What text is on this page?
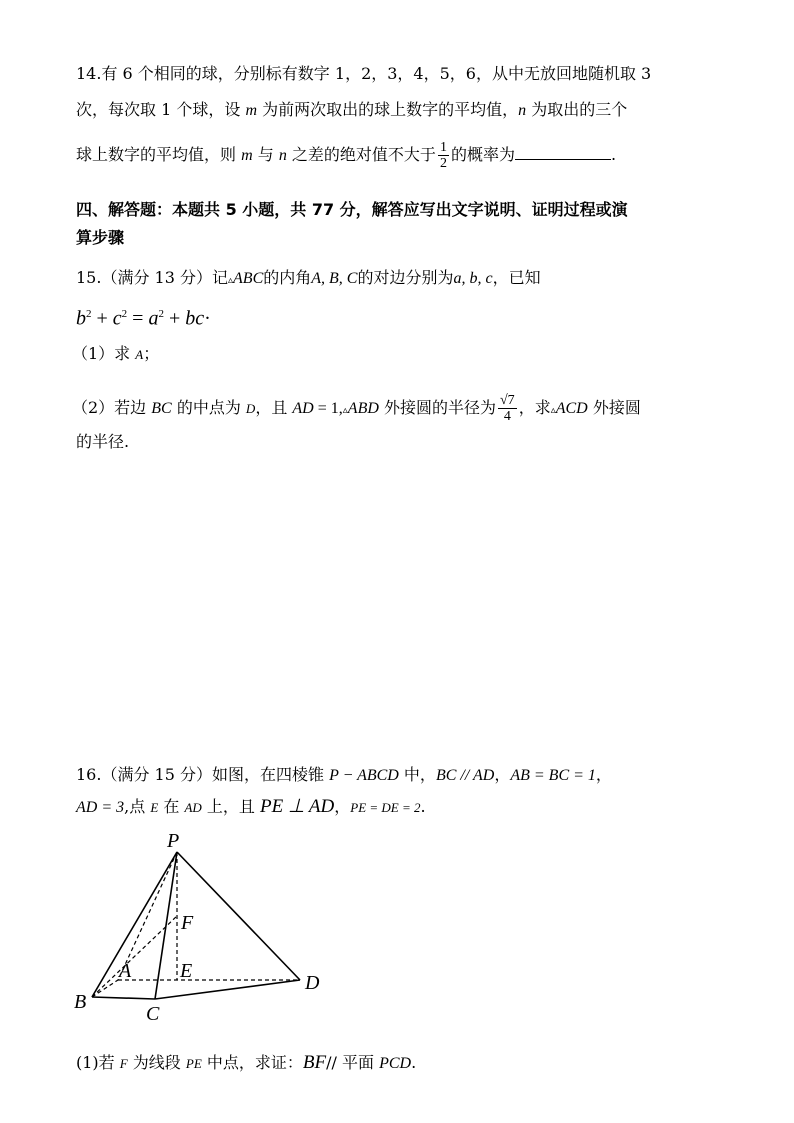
14.有 6 个相同的球，分别标有数字 1，2，3，4，5，6，从中无放回地随机取 3
次，每次取 1 个球，设 m 为前两次取出的球上数字的平均值，n 为取出的三个
球上数字的平均值，则 m 与 n 之差的绝对值不大于 $\frac{1}{2}$ 的概率为	.
四、解答题：本题共 5 小题，共 77 分，解答应写出文字说明、证明过程或演
算步骤
15.（满分 13 分）记▵ABC的内角A, B, C的对边分别为a, b, c，已知
$b^2 + c^2 = a^2 + bc\cdot$
（1）求 A；
（2）若边 BC 的中点为 D，且 AD = 1,▵ABD 外接圆的半径为 $\frac{√7}{4}$ ，求▵ACD 外接圆
的半径.
16.（满分 15 分）如图，在四棱锥 P − ABCD 中，BC // AD，AB = BC = 1，
AD = 3,点 E 在 AD 上，且 PE ⊥ AD，PE = DE = 2.
P
F
A E
D
B
C
(1)若 F 为线段 PE 中点，求证：BF// 平面 PCD.
